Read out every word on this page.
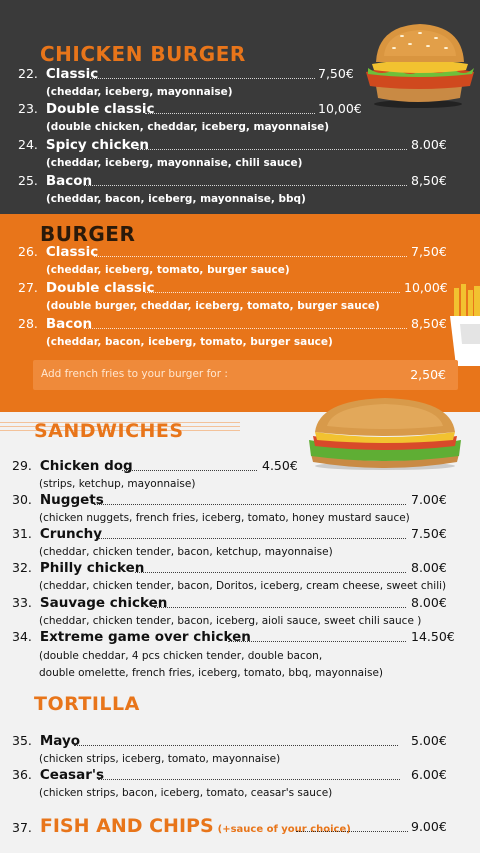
CHICKEN BURGER
22. Classic	7,50€
(cheddar, iceberg, mayonnaise)
23. Double classic	10,00€
(double chicken, cheddar, iceberg, mayonnaise)
24. Spicy chicken	8.00€
(cheddar, iceberg, mayonnaise, chili sauce)
25. Bacon	8,50€
(cheddar, bacon, iceberg, mayonnaise, bbq)
BURGER
26. Classic	7,50€
(cheddar, iceberg, tomato, burger sauce)
27. Double classic	10,00€
(double burger, cheddar, iceberg, tomato, burger sauce)
28. Bacon	8,50€
(cheddar, bacon, iceberg, tomato, burger sauce)
Add french fries to your burger for :	2,50€
SANDWICHES
29. Chicken dog	4.50€
(strips, ketchup, mayonnaise)
30. Nuggets	7.00€
(chicken nuggets, french fries, iceberg, tomato, honey mustard sauce)
31. Crunchy	7.50€
(cheddar, chicken tender, bacon, ketchup, mayonnaise)
32. Philly chicken	8.00€
(cheddar, chicken tender, bacon, Doritos, iceberg, cream cheese, sweet chili)
33. Sauvage chicken	8.00€
(cheddar, chicken tender, bacon, iceberg, aioli sauce, sweet chili sauce )
34. Extreme game over chicken	14.50€
(double cheddar, 4 pcs chicken tender, double bacon,
double omelette, french fries, iceberg, tomato, bbq, mayonnaise)
TORTILLA
35. Mayo	5.00€
(chicken strips, iceberg, tomato, mayonnaise)
36. Ceasar's	6.00€
(chicken strips, bacon, iceberg, tomato, ceasar's sauce)
37. FISH AND CHIPS (+sauce of your choice)	9.00€
